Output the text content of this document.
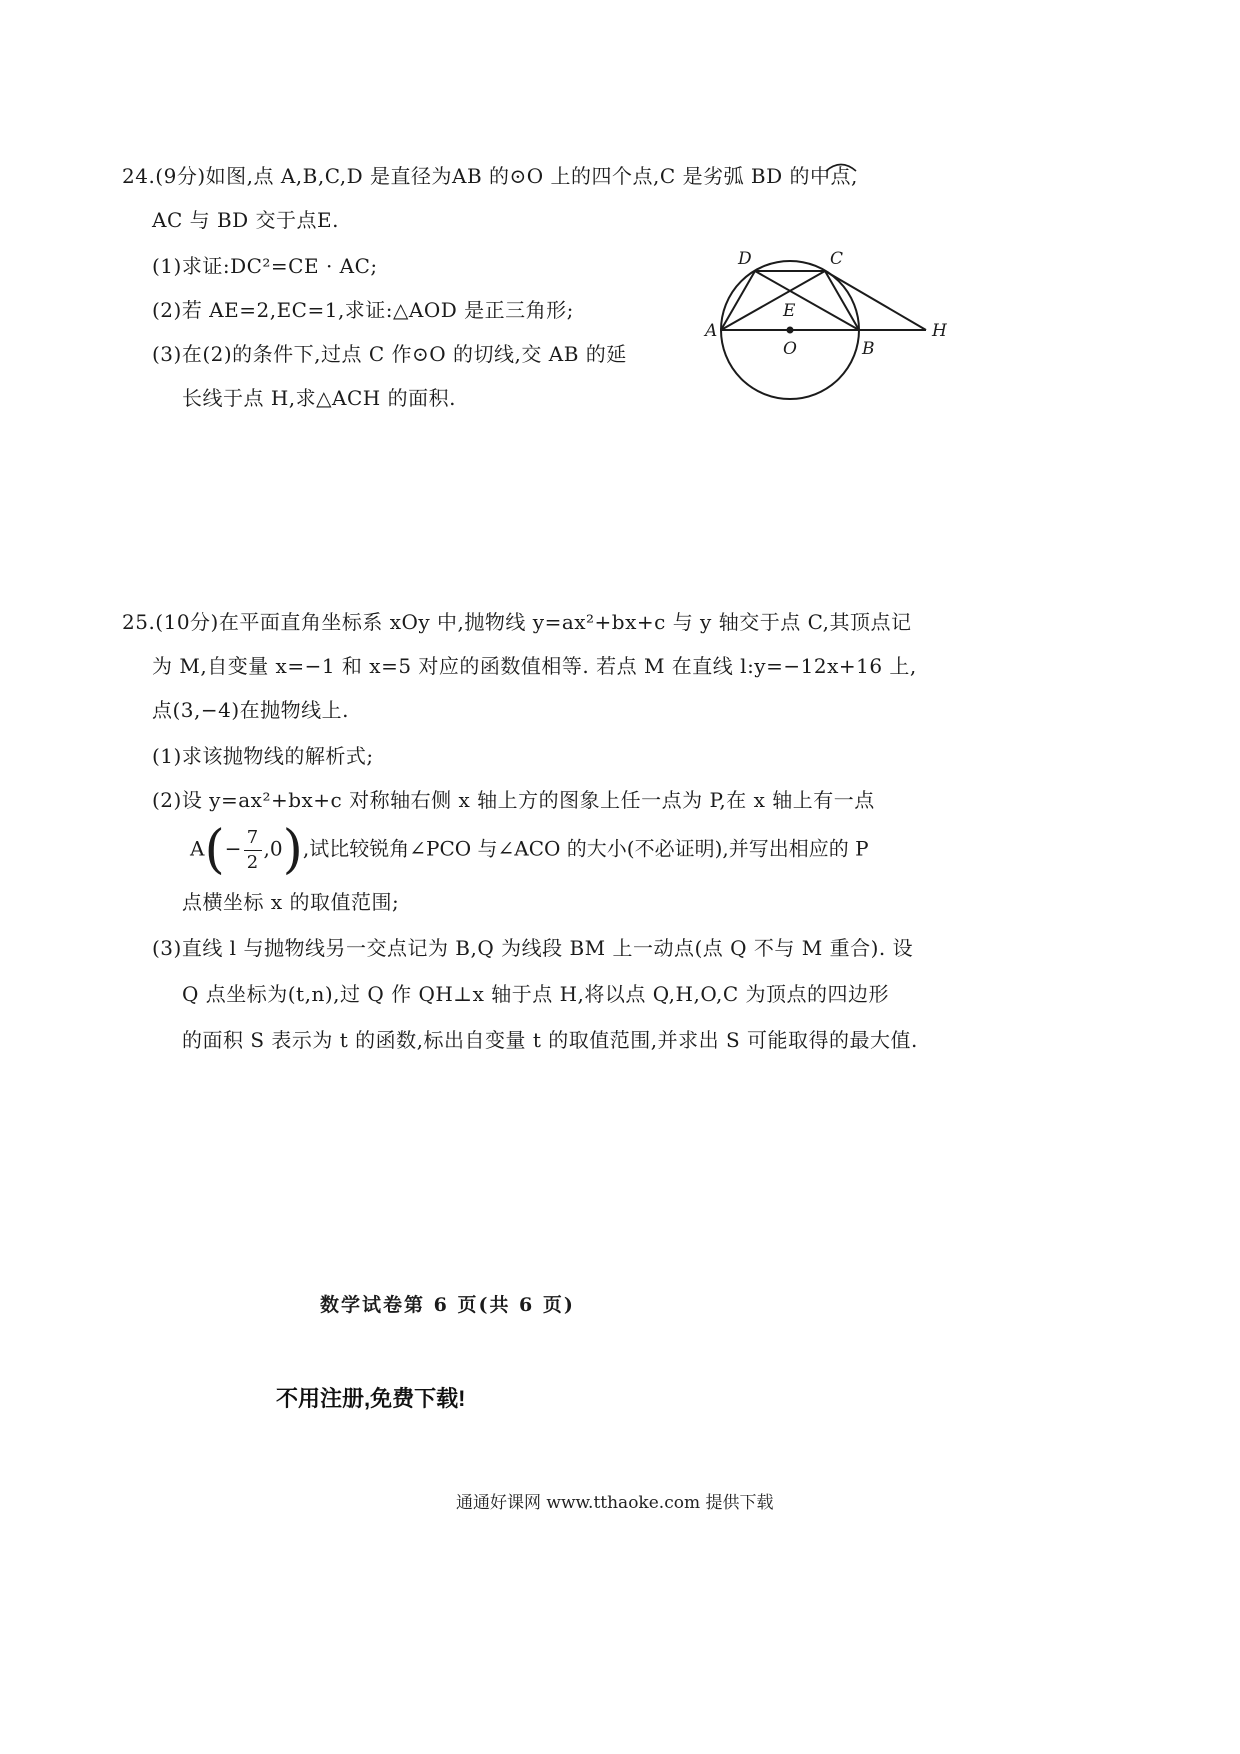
24.(9分)如图,点 A,B,C,D 是直径为AB 的⊙O 上的四个点,C 是劣弧 BD 的中点,
AC 与 BD 交于点E.
(1)求证:DC²=CE · AC;
(2)若 AE=2,EC=1,求证:△AOD 是正三角形;
(3)在(2)的条件下,过点 C 作⊙O 的切线,交 AB 的延
长线于点 H,求△ACH 的面积.
A
B
C
D
E
O
H
25.(10分)在平面直角坐标系 xOy 中,抛物线 y=ax²+bx+c 与 y 轴交于点 C,其顶点记
为 M,自变量 x=−1 和 x=5 对应的函数值相等. 若点 M 在直线 l:y=−12x+16 上,
点(3,−4)在抛物线上.
(1)求该抛物线的解析式;
(2)设 y=ax²+bx+c 对称轴右侧 x 轴上方的图象上任一点为 P,在 x 轴上有一点
$A(- \frac{7}{2} ,0)$,试比较锐角∠PCO 与∠ACO 的大小(不必证明),并写出相应的 P
点横坐标 x 的取值范围;
(3)直线 l 与抛物线另一交点记为 B,Q 为线段 BM 上一动点(点 Q 不与 M 重合). 设
Q 点坐标为(t,n),过 Q 作 QH⊥x 轴于点 H,将以点 Q,H,O,C 为顶点的四边形
的面积 S 表示为 t 的函数,标出自变量 t 的取值范围,并求出 S 可能取得的最大值.
数学试卷第 6 页(共 6 页)
不用注册,免费下载!
通通好课网 www.tthaoke.com 提供下载
